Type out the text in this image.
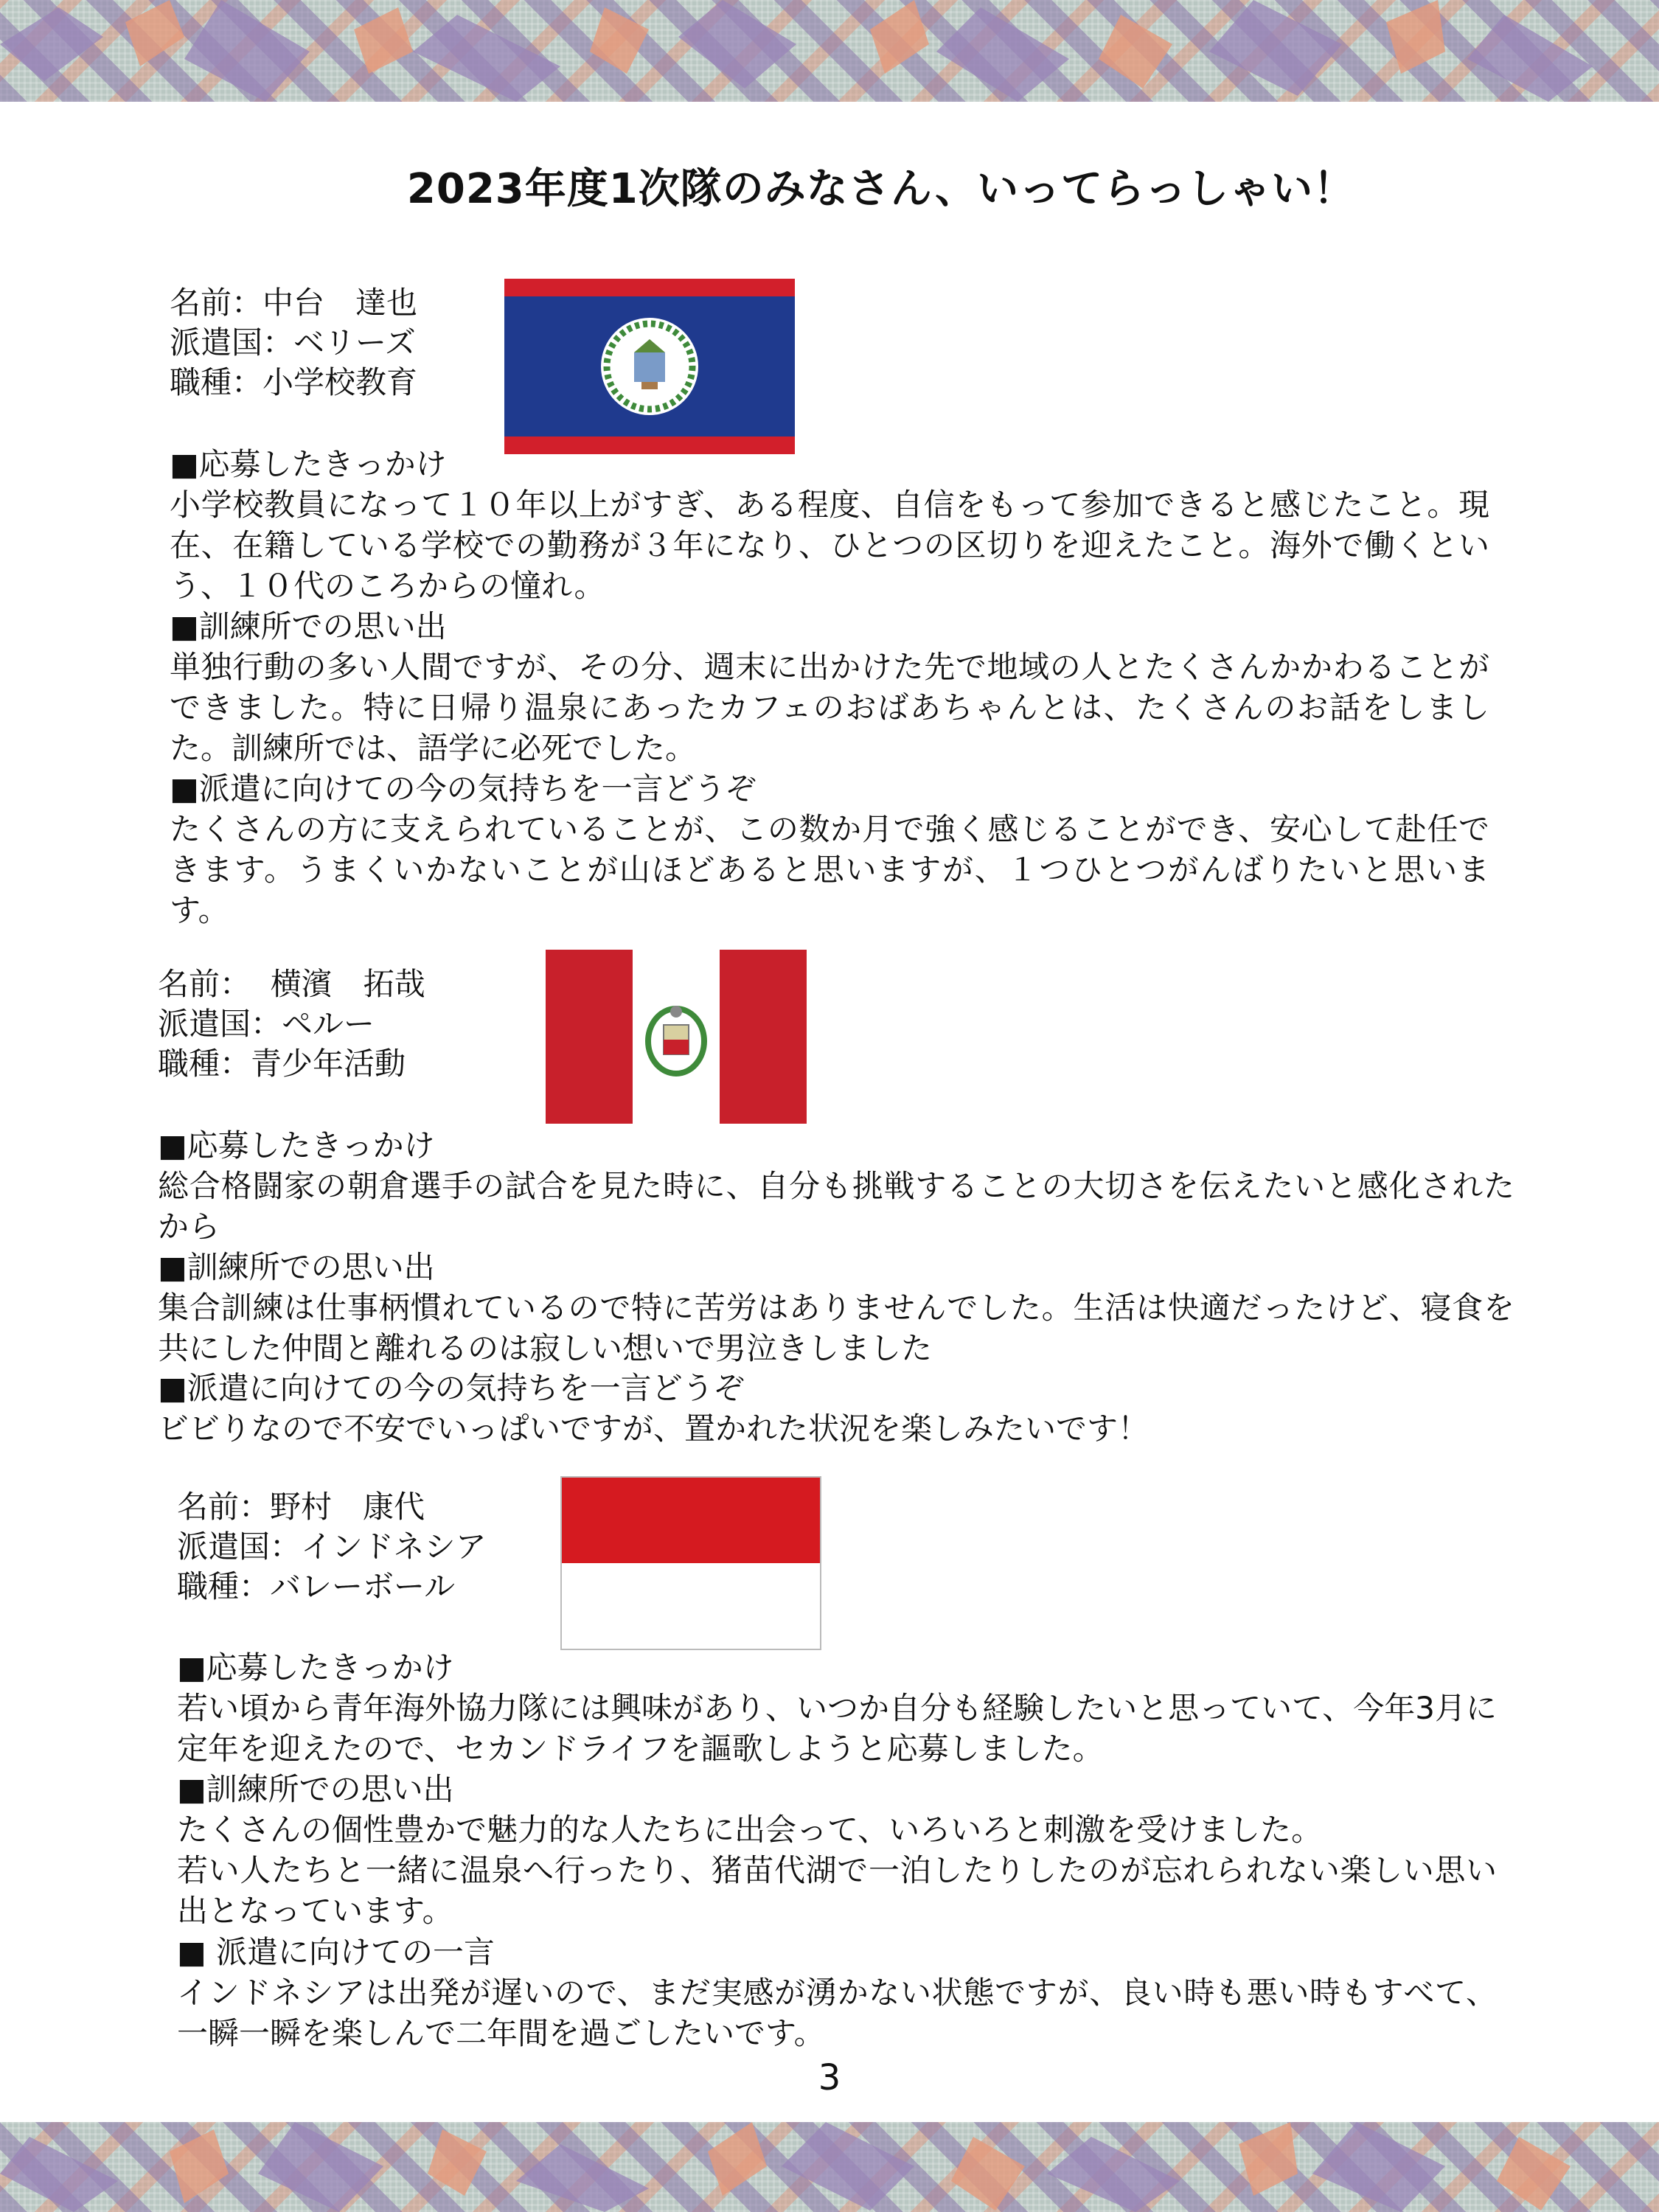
2023年度1次隊のみなさん、いってらっしゃい！
名前：中台　達也
派遣国：ベリーズ
職種：小学校教育
■応募したきっかけ
小学校教員になって１０年以上がすぎ、ある程度、自信をもって参加できると感じたこと。現在、在籍している学校での勤務が３年になり、ひとつの区切りを迎えたこと。海外で働くという、１０代のころからの憧れ。
■訓練所での思い出
単独行動の多い人間ですが、その分、週末に出かけた先で地域の人とたくさんかかわることができました。特に日帰り温泉にあったカフェのおばあちゃんとは、たくさんのお話をしました。訓練所では、語学に必死でした。
■派遣に向けての今の気持ちを一言どうぞ
たくさんの方に支えられていることが、この数か月で強く感じることができ、安心して赴任できます。うまくいかないことが山ほどあると思いますが、１つひとつがんばりたいと思います。
名前：  横濱　拓哉
派遣国：ペルー
職種：青少年活動
■応募したきっかけ
総合格闘家の朝倉選手の試合を見た時に、自分も挑戦することの大切さを伝えたいと感化されたから
■訓練所での思い出
集合訓練は仕事柄慣れているので特に苦労はありませんでした。生活は快適だったけど、寝食を共にした仲間と離れるのは寂しい想いで男泣きしました
■派遣に向けての今の気持ちを一言どうぞ
ビビりなので不安でいっぱいですが、置かれた状況を楽しみたいです！
名前：野村　康代
派遣国：インドネシア
職種：バレーボール
■応募したきっかけ
若い頃から青年海外協力隊には興味があり、いつか自分も経験したいと思っていて、今年3月に定年を迎えたので、セカンドライフを謳歌しようと応募しました。
■訓練所での思い出
たくさんの個性豊かで魅力的な人たちに出会って、いろいろと刺激を受けました。
若い人たちと一緒に温泉へ行ったり、猪苗代湖で一泊したりしたのが忘れられない楽しい思い出となっています。
■ 派遣に向けての一言
インドネシアは出発が遅いので、まだ実感が湧かない状態ですが、良い時も悪い時もすべて、一瞬一瞬を楽しんで二年間を過ごしたいです。
3
